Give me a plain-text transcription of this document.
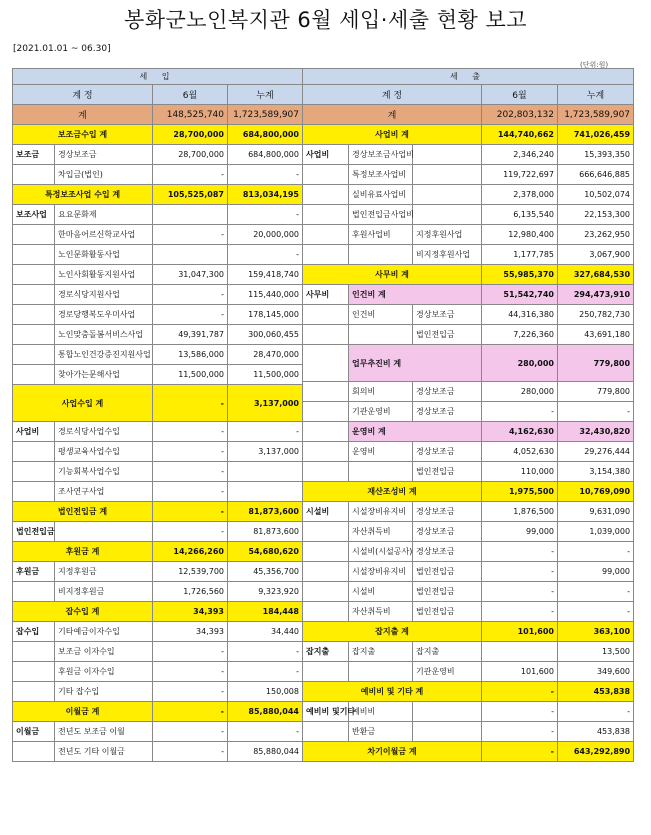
봉화군노인복지관 6월 세입·세출 현황 보고
[2021.01.01 ~ 06.30]
(단위:원)
세 입			
계 정		6월	누계
계		148,525,740	1,723,589,907
보조금수입 계		28,700,000	684,800,000
보조금	경상보조금	28,700,000	684,800,000
	차입금(법인)	-	-
특정보조사업 수입 계		105,525,087	813,034,195
보조사업	요요문화제		-
	한마음어르신학교사업	-	20,000,000
	노인문화활동사업		-
	노인사회활동지원사업	31,047,300	159,418,740
	경로식당지원사업	-	115,440,000
	경로당행복도우미사업	-	178,145,000
	노인맞춤돌봄서비스사업	49,391,787	300,060,455
	통합노인건강증진지원사업	13,586,000	28,470,000
	찾아가는문해사업	11,500,000	11,500,000
사업수입 계		-	3,137,000
사업비	경로식당사업수입	-	-
	평생교육사업수입	-	3,137,000
	기능회복사업수입	-	
	조사연구사업	-	
법인전입금 계		-	81,873,600
법인전입금		-	81,873,600
후원금 계		14,266,260	54,680,620
후원금	지정후원금	12,539,700	45,356,700
	비지정후원금	1,726,560	9,323,920
잡수입 계		34,393	184,448
잡수입	기타예금이자수입	34,393	34,440
	보조금 이자수입	-	-
	후원금 이자수입	-	-
	기타 잡수입	-	150,008
이월금 계		-	85,880,044
이월금	전년도 보조금 이월	-	-
	전년도 기타 이월금	-	85,880,044
세 출				
계 정			6월	누계
계			202,803,132	1,723,589,907
사업비 계			144,740,662	741,026,459
사업비	경상보조금사업비		2,346,240	15,393,350
	특정보조사업비		119,722,697	666,646,885
	실비유료사업비		2,378,000	10,502,074
	법인전입금사업비		6,135,540	22,153,300
	후원사업비	지정후원사업	12,980,400	23,262,950
		비지정후원사업	1,177,785	3,067,900
사무비 계			55,985,370	327,684,530
사무비	인건비 계		51,542,740	294,473,910
	인건비	경상보조금	44,316,380	250,782,730
		법인전입금	7,226,360	43,691,180
	업무추진비 계		280,000	779,800
	회의비	경상보조금	280,000	779,800
	기관운영비	경상보조금	-	-
	운영비 계		4,162,630	32,430,820
	운영비	경상보조금	4,052,630	29,276,444
		법인전입금	110,000	3,154,380
재산조성비 계			1,975,500	10,769,090
시설비	시설장비유지비	경상보조금	1,876,500	9,631,090
	자산취득비	경상보조금	99,000	1,039,000
	시설비(시설공사)	경상보조금	-	-
	시설장비유지비	법인전입금	-	99,000
	시설비	법인전입금	-	-
	자산취득비	법인전입금	-	-
잡지출 계			101,600	363,100
잡지출	잡지출	잡지출		13,500
		기관운영비	101,600	349,600
예비비 및 기타 계			-	453,838
예비비 및기타	예비비		-	-
	반환금		-	453,838
차기이월금 계			-	643,292,890
